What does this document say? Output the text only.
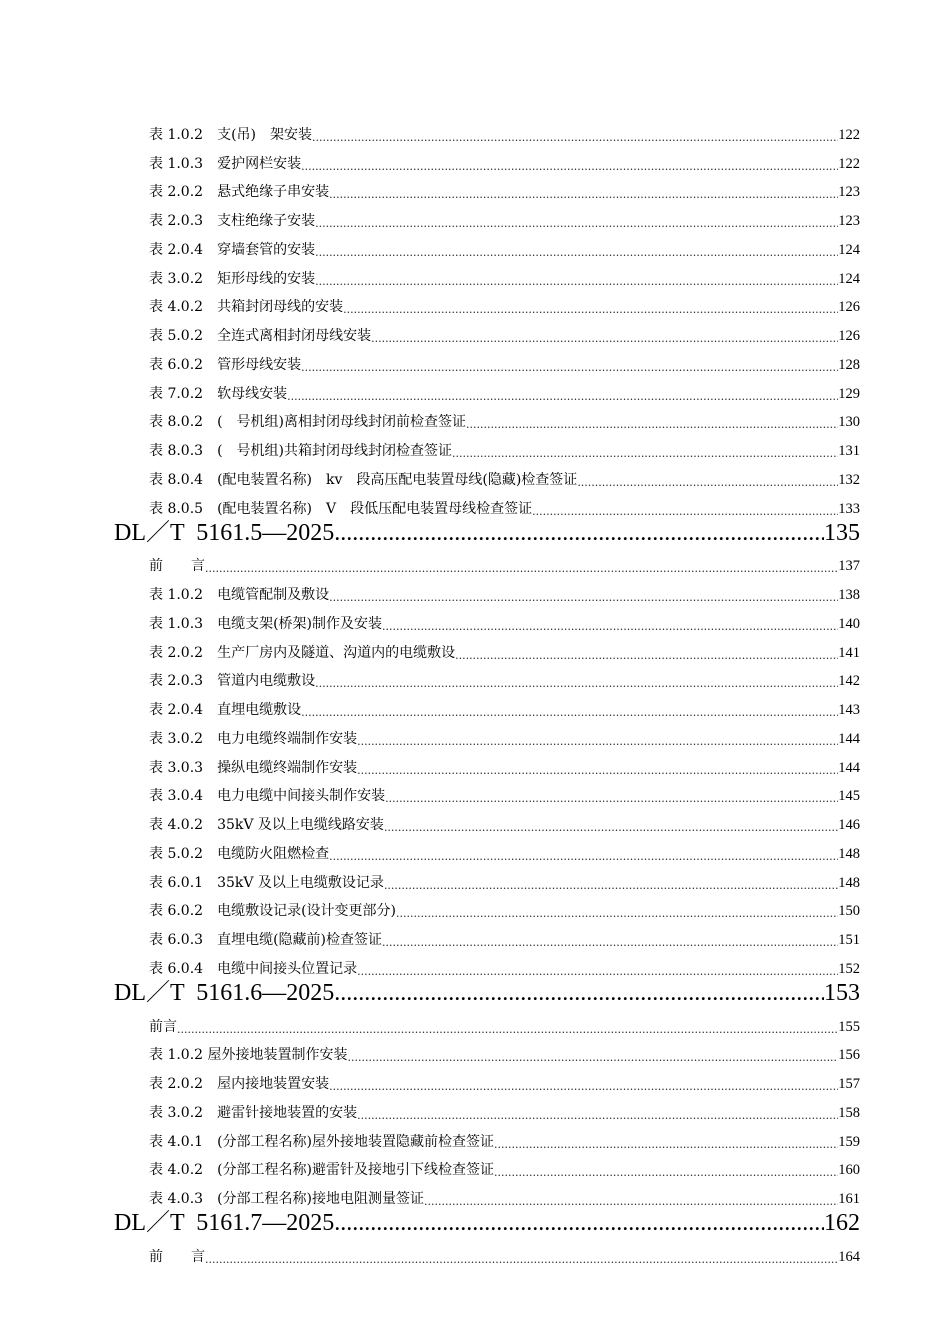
表 1.0.2　支(吊)　架安装 .....	122
表 1.0.3　爱护网栏安装 .....	122
表 2.0.2　悬式绝缘子串安装 .....	123
表 2.0.3　支柱绝缘子安装 .....	123
表 2.0.4　穿墙套管的安装 .....	124
表 3.0.2　矩形母线的安装 .....	124
表 4.0.2　共箱封闭母线的安装 .....	126
表 5.0.2　全连式离相封闭母线安装 .....	126
表 6.0.2　管形母线安装 .....	128
表 7.0.2　软母线安装 .....	129
表 8.0.2　(　号机组)离相封闭母线封闭前检查签证 .....	130
表 8.0.3　(　号机组)共箱封闭母线封闭检查签证 .....	131
表 8.0.4　(配电装置名称)　kv　段高压配电装置母线(隐藏)检查签证 .....	132
表 8.0.5　(配电装置名称)　V　段低压配电装置母线检查签证 .....	133
DL／T  5161.5—2025 .....	135
前　　言 .....	137
表 1.0.2　电缆管配制及敷设 .....	138
表 1.0.3　电缆支架(桥架)制作及安装 .....	140
表 2.0.2　生产厂房内及隧道、沟道内的电缆敷设 .....	141
表 2.0.3　管道内电缆敷设 .....	142
表 2.0.4　直埋电缆敷设 .....	143
表 3.0.2　电力电缆终端制作安装 .....	144
表 3.0.3　操纵电缆终端制作安装 .....	144
表 3.0.4　电力电缆中间接头制作安装 .....	145
表 4.0.2　35kV 及以上电缆线路安装 .....	146
表 5.0.2　电缆防火阻燃检查 .....	148
表 6.0.1　35kV 及以上电缆敷设记录 .....	148
表 6.0.2　电缆敷设记录(设计变更部分) .....	150
表 6.0.3　直埋电缆(隐藏前)检查签证 .....	151
表 6.0.4　电缆中间接头位置记录 .....	152
DL／T  5161.6—2025 .....	153
前言 .....	155
表 1.0.2 屋外接地装置制作安装 .....	156
表 2.0.2　屋内接地装置安装 .....	157
表 3.0.2　避雷针接地装置的安装 .....	158
表 4.0.1　(分部工程名称)屋外接地装置隐藏前检查签证 .....	159
表 4.0.2　(分部工程名称)避雷针及接地引下线检查签证 .....	160
表 4.0.3　(分部工程名称)接地电阻测量签证 .....	161
DL／T  5161.7—2025 .....	162
前　　言 .....	164
